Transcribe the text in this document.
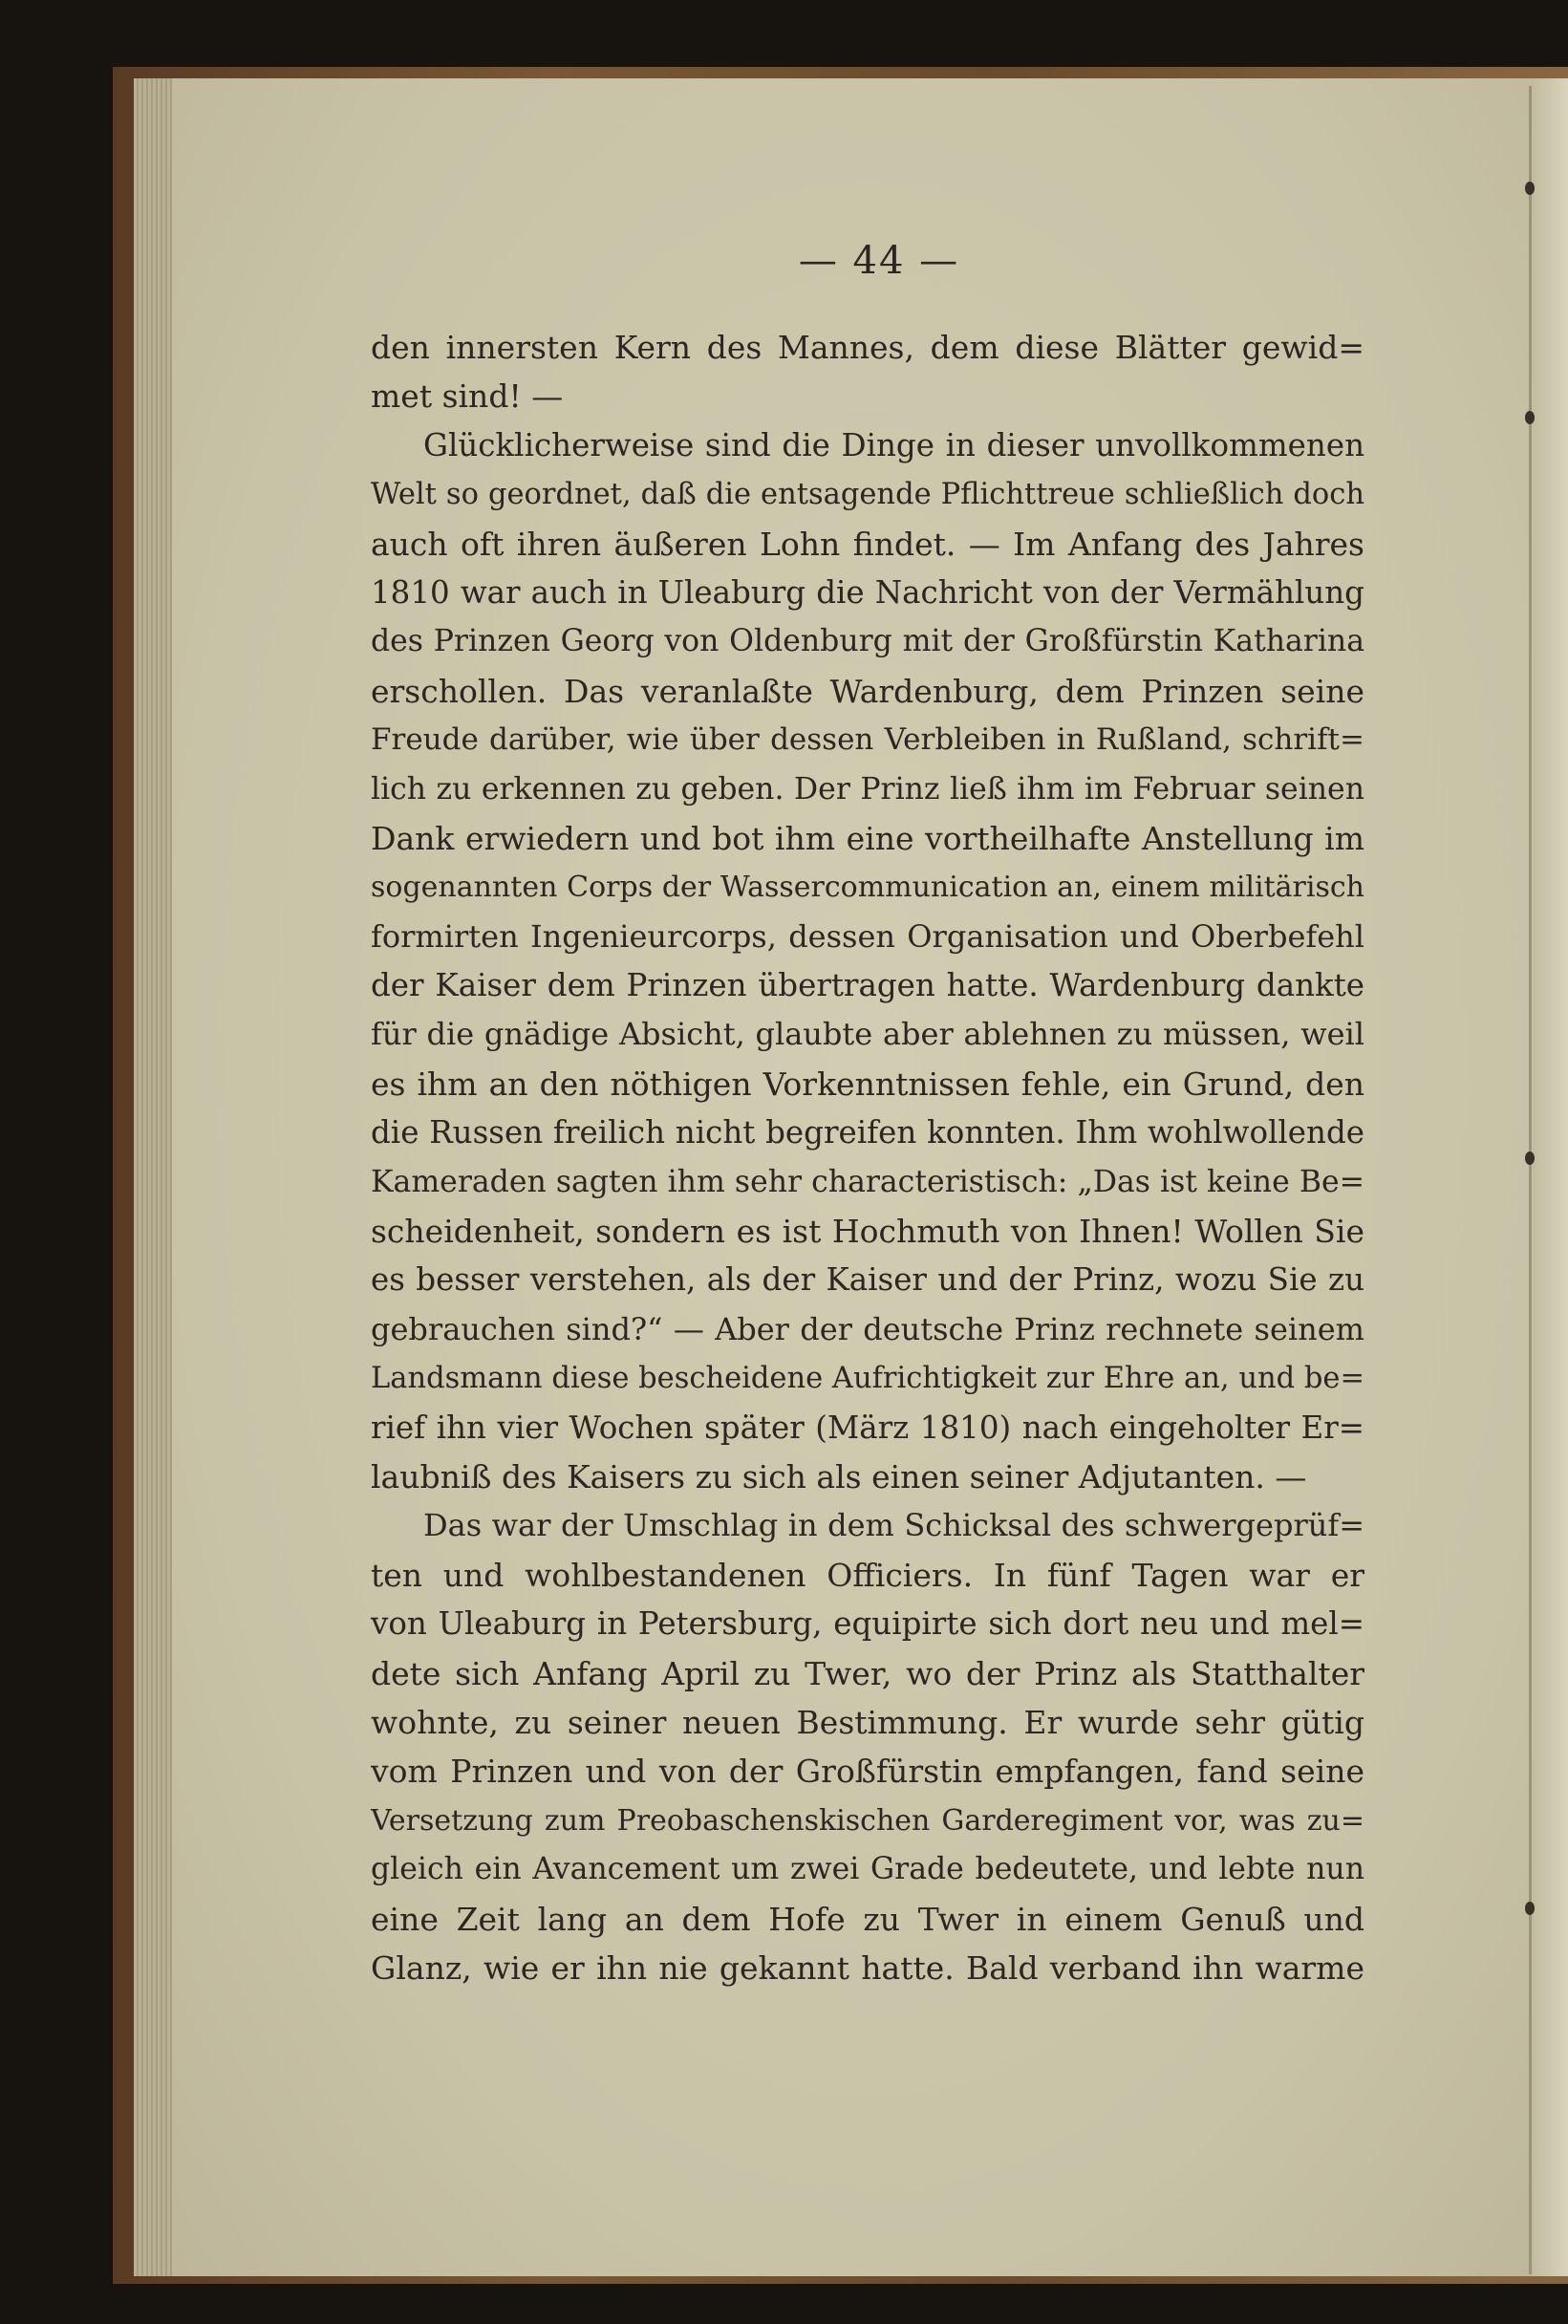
— 44 —
den innersten Kern des Mannes, dem diese Blätter gewid=
met sind! —
Glücklicherweise sind die Dinge in dieser unvollkommenen
Welt so geordnet, daß die entsagende Pflichttreue schließlich doch
auch oft ihren äußeren Lohn findet. — Im Anfang des Jahres
1810 war auch in Uleaburg die Nachricht von der Vermählung
des Prinzen Georg von Oldenburg mit der Großfürstin Katharina
erschollen. Das veranlaßte Wardenburg, dem Prinzen seine
Freude darüber, wie über dessen Verbleiben in Rußland, schrift=
lich zu erkennen zu geben. Der Prinz ließ ihm im Februar seinen
Dank erwiedern und bot ihm eine vortheilhafte Anstellung im
sogenannten Corps der Wassercommunication an, einem militärisch
formirten Ingenieurcorps, dessen Organisation und Oberbefehl
der Kaiser dem Prinzen übertragen hatte. Wardenburg dankte
für die gnädige Absicht, glaubte aber ablehnen zu müssen, weil
es ihm an den nöthigen Vorkenntnissen fehle, ein Grund, den
die Russen freilich nicht begreifen konnten. Ihm wohlwollende
Kameraden sagten ihm sehr characteristisch: „Das ist keine Be=
scheidenheit, sondern es ist Hochmuth von Ihnen! Wollen Sie
es besser verstehen, als der Kaiser und der Prinz, wozu Sie zu
gebrauchen sind?“ — Aber der deutsche Prinz rechnete seinem
Landsmann diese bescheidene Aufrichtigkeit zur Ehre an, und be=
rief ihn vier Wochen später (März 1810) nach eingeholter Er=
laubniß des Kaisers zu sich als einen seiner Adjutanten. —
Das war der Umschlag in dem Schicksal des schwergeprüf=
ten und wohlbestandenen Officiers. In fünf Tagen war er
von Uleaburg in Petersburg, equipirte sich dort neu und mel=
dete sich Anfang April zu Twer, wo der Prinz als Statthalter
wohnte, zu seiner neuen Bestimmung. Er wurde sehr gütig
vom Prinzen und von der Großfürstin empfangen, fand seine
Versetzung zum Preobaschenskischen Garderegiment vor, was zu=
gleich ein Avancement um zwei Grade bedeutete, und lebte nun
eine Zeit lang an dem Hofe zu Twer in einem Genuß und
Glanz, wie er ihn nie gekannt hatte. Bald verband ihn warme
